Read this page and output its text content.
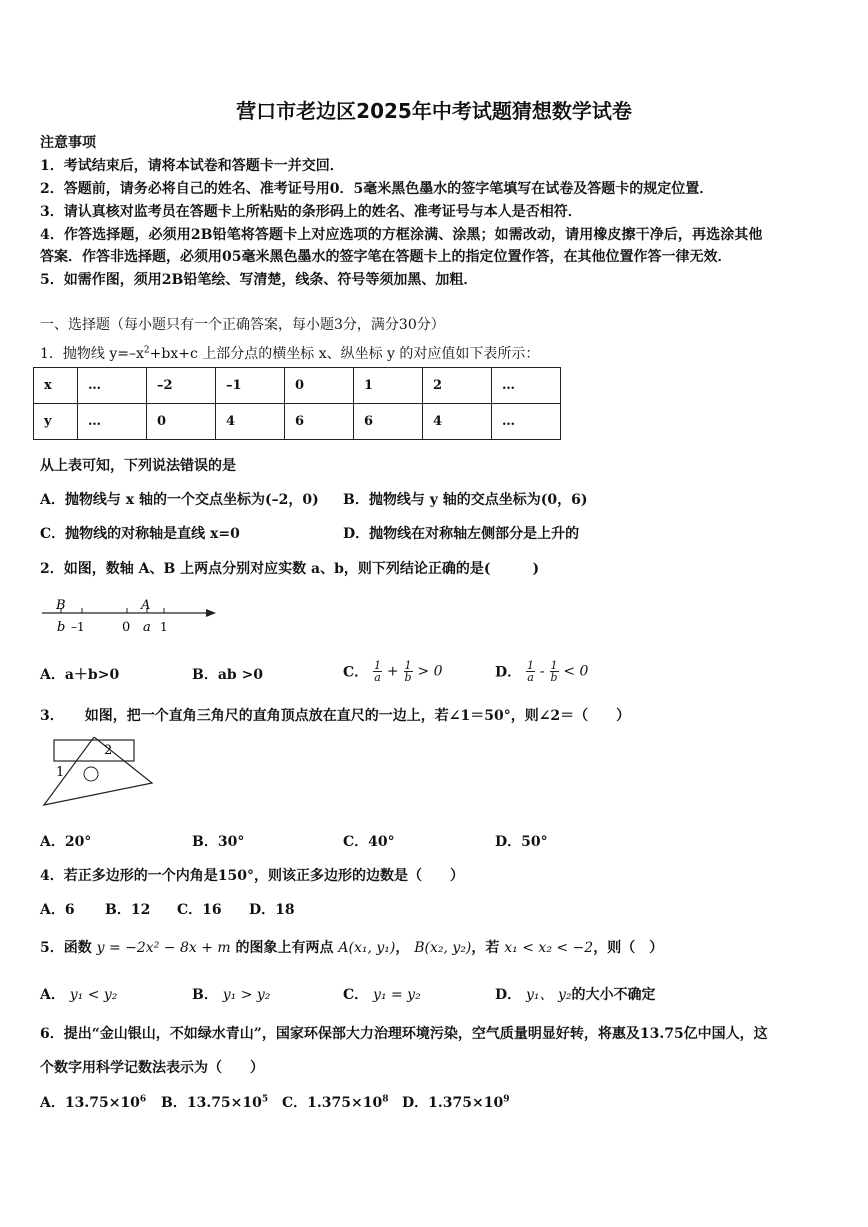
营口市老边区2025年中考试题猜想数学试卷
注意事项
1．考试结束后，请将本试卷和答题卡一并交回．
2．答题前，请务必将自己的姓名、准考证号用0．5毫米黑色墨水的签字笔填写在试卷及答题卡的规定位置．
3．请认真核对监考员在答题卡上所粘贴的条形码上的姓名、准考证号与本人是否相符．
4．作答选择题，必须用2B铅笔将答题卡上对应选项的方框涂满、涂黑；如需改动，请用橡皮擦干净后，再选涂其他
答案．作答非选择题，必须用05毫米黑色墨水的签字笔在答题卡上的指定位置作答，在其他位置作答一律无效．
5．如需作图，须用2B铅笔绘、写清楚，线条、符号等须加黑、加粗．
一、选择题（每小题只有一个正确答案，每小题3分，满分30分）
1．抛物线 $y=-x^2+bx+c$ 上部分点的横坐标 x、纵坐标 y 的对应值如下表所示：
x	…	–2	–1	0	1	2	…
y	…	0	4	6	6	4	…
从上表可知，下列说法错误的是
A．抛物线与 x 轴的一个交点坐标为(–2，0) B．抛物线与 y 轴的交点坐标为(0，6)
C．抛物线的对称轴是直线 x=0	D．抛物线在对称轴左侧部分是上升的
2．如图，数轴 A、B 上两点分别对应实数 a、b，则下列结论正确的是(　　　)
B	A
b –1	0 a 1
A．a＋b>0	B．ab >0	C． $\frac{1}{a} + \frac{1}{b} > 0$	D． $\frac{1}{a} - \frac{1}{b} < 0$
3．　　如图，把一个直角三角尺的直角顶点放在直尺的一边上，若∠1＝50°，则∠2＝（　　）
1
2
A．20°	B．30°	C．40°	D．50°
4．若正多边形的一个内角是150°，则该正多边形的边数是（　　）
A．6 B．12 C．16 D．18
5．函数 y = −2x² − 8x + m 的图象上有两点 A(x₁, y₁)， B(x₂, y₂)，若 x₁ < x₂ < −2，则（　）
A． y₁ < y₂	B． y₁ > y₂	C． y₁ = y₂	D． y₁、 y₂的大小不确定
6．提出“金山银山，不如绿水青山”，国家环保部大力治理环境污染，空气质量明显好转，将惠及13.75亿中国人，这
个数字用科学记数法表示为（　　）
A．$13.75\times 10^6$ B．$13.75\times 10^5$ C．$1.375\times 10^8$ D．$1.375\times 10^9$
